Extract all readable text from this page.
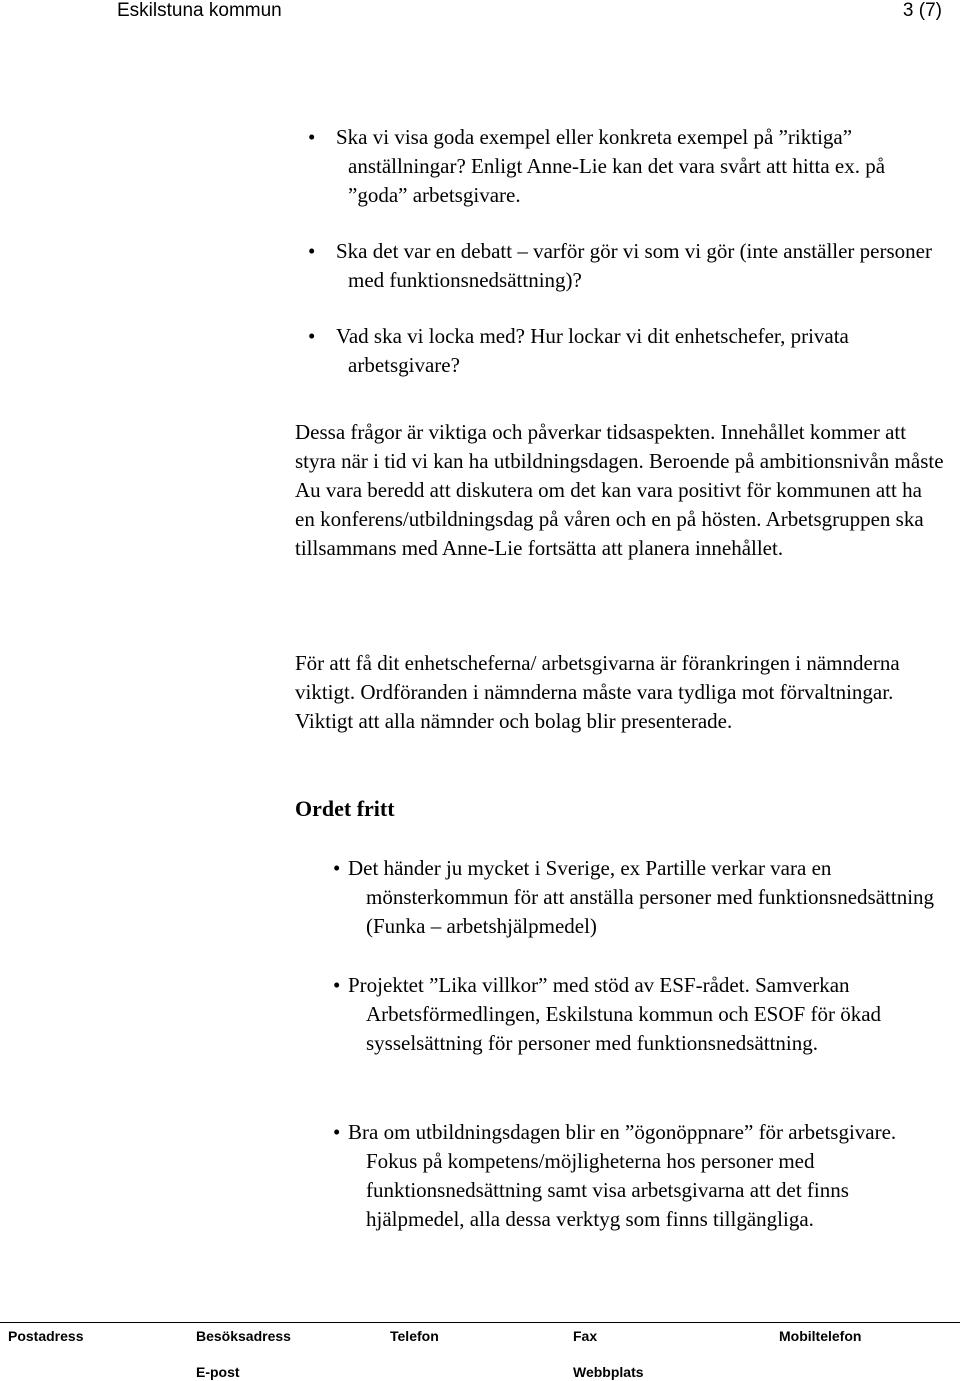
Eskilstuna kommun	3 (7)

• Ska vi visa goda exempel eller konkreta exempel på ”riktiga” anställningar? Enligt Anne-Lie kan det vara svårt att hitta ex. på ”goda” arbetsgivare.

• Ska det var en debatt – varför gör vi som vi gör (inte anställer personer med funktionsnedsättning)?

• Vad ska vi locka med? Hur lockar vi dit enhetschefer, privata arbetsgivare?

Dessa frågor är viktiga och påverkar tidsaspekten. Innehållet kommer att styra när i tid vi kan ha utbildningsdagen. Beroende på ambitionsnivån måste Au vara beredd att diskutera om det kan vara positivt för kommunen att ha en konferens/utbildningsdag på våren och en på hösten. Arbetsgruppen ska tillsammans med Anne-Lie fortsätta att planera innehållet.

För att få dit enhetscheferna/ arbetsgivarna är förankringen i nämnderna viktigt. Ordföranden i nämnderna måste vara tydliga mot förvaltningar. Viktigt att alla nämnder och bolag blir presenterade.

Ordet fritt

• Det händer ju mycket i Sverige, ex Partille verkar vara en mönsterkommun för att anställa personer med funktionsnedsättning (Funka – arbetshjälpmedel)

• Projektet ”Lika villkor” med stöd av ESF-rådet. Samverkan Arbetsförmedlingen, Eskilstuna kommun och ESOF för ökad sysselsättning för personer med funktionsnedsättning.

• Bra om utbildningsdagen blir en ”ögonöppnare” för arbetsgivare. Fokus på kompetens/möjligheterna hos personer med funktionsnedsättning samt visa arbetsgivarna att det finns hjälpmedel, alla dessa verktyg som finns tillgängliga.

Postadress	Besöksadress	Telefon	Fax	Mobiltelefon
E-post	Webbplats
